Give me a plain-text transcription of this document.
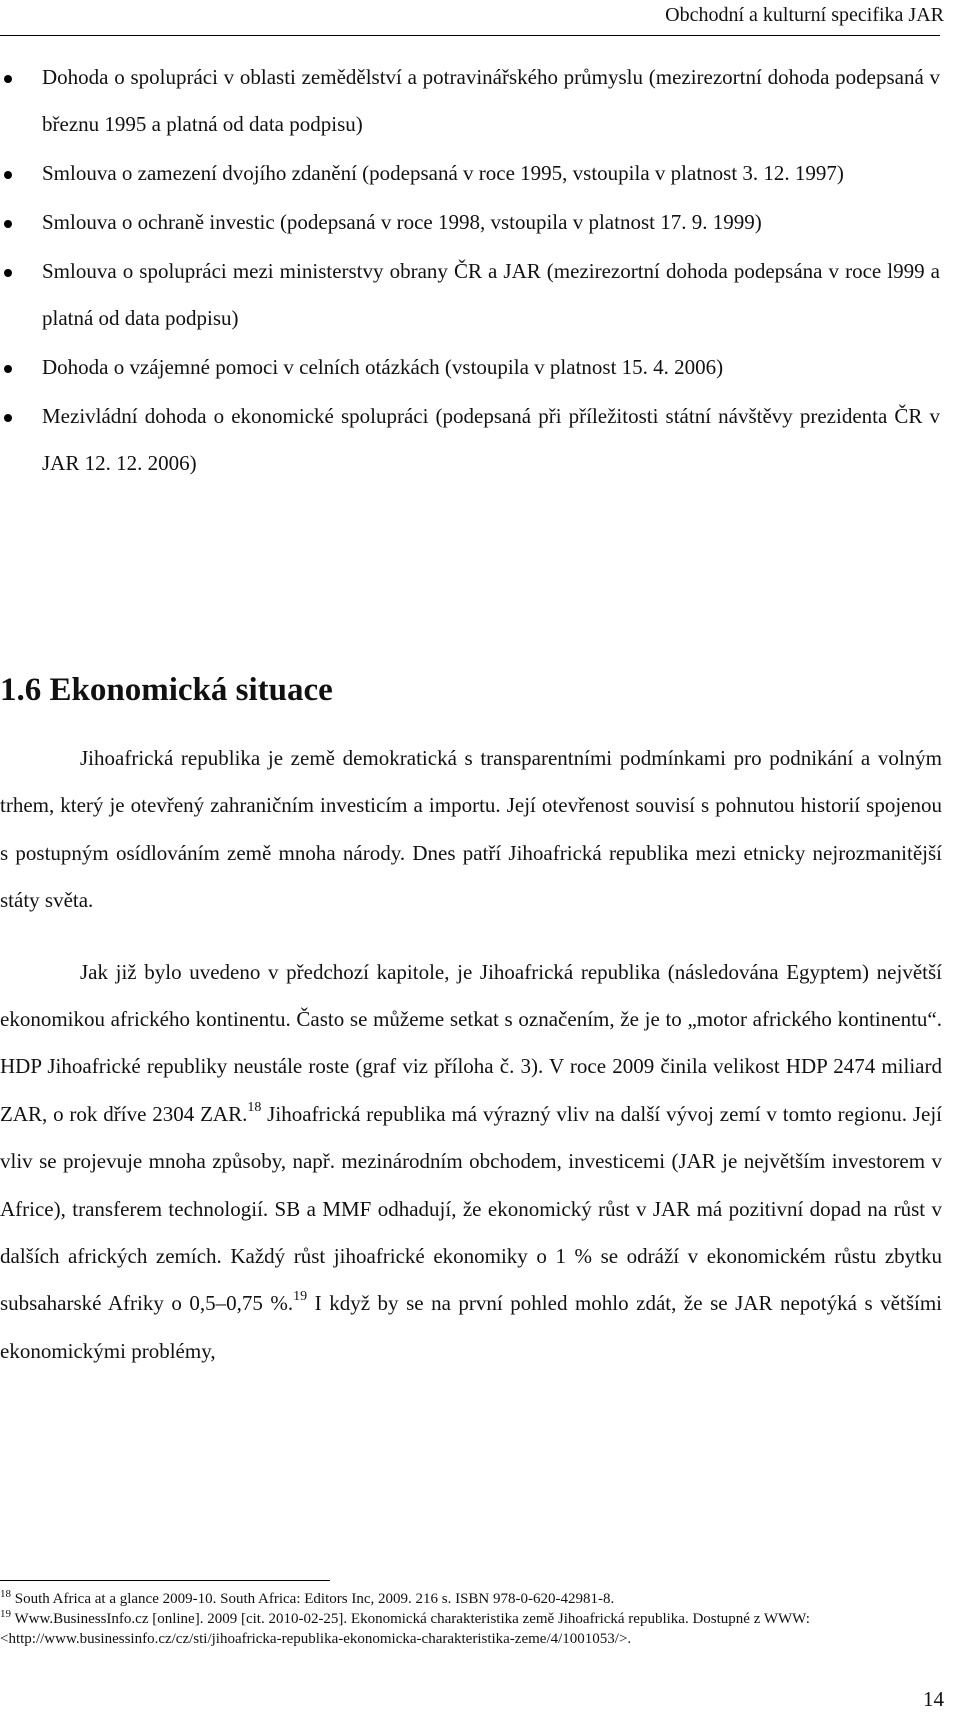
Obchodní a kulturní specifika JAR
Dohoda o spolupráci v oblasti zemědělství a potravinářského průmyslu (mezirezortní dohoda podepsaná v březnu 1995 a platná od data podpisu)
Smlouva o zamezení dvojího zdanění (podepsaná v roce 1995, vstoupila v platnost 3. 12. 1997)
Smlouva o ochraně investic (podepsaná v roce 1998, vstoupila v platnost 17. 9. 1999)
Smlouva o spolupráci mezi ministerstvy obrany ČR a JAR (mezirezortní dohoda podepsána v roce l999 a platná od data podpisu)
Dohoda o vzájemné pomoci v celních otázkách (vstoupila v platnost 15. 4. 2006)
Mezivládní dohoda o ekonomické spolupráci (podepsaná při příležitosti státní návštěvy prezidenta ČR v JAR 12. 12. 2006)
1.6 Ekonomická situace

Jihoafrická republika je země demokratická s transparentními podmínkami pro podnikání a volným trhem, který je otevřený zahraničním investicím a importu. Její otevřenost souvisí s pohnutou historií spojenou s postupným osídlováním země mnoha národy. Dnes patří Jihoafrická republika mezi etnicky nejrozmanitější státy světa.

Jak již bylo uvedeno v předchozí kapitole, je Jihoafrická republika (následována Egyptem) největší ekonomikou afrického kontinentu. Často se můžeme setkat s označením, že je to „motor afrického kontinentu“. HDP Jihoafrické republiky neustále roste (graf viz příloha č. 3). V roce 2009 činila velikost HDP 2474 miliard ZAR, o rok dříve 2304 ZAR.$^{18}$ Jihoafrická republika má výrazný vliv na další vývoj zemí v tomto regionu. Její vliv se projevuje mnoha způsoby, např. mezinárodním obchodem, investicemi (JAR je největším investorem v Africe), transferem technologií. SB a MMF odhadují, že ekonomický růst v JAR má pozitivní dopad na růst v dalších afrických zemích. Každý růst jihoafrické ekonomiky o 1 % se odráží v ekonomickém růstu zbytku subsaharské Afriky o 0,5–0,75 %.$^{19}$ I když by se na první pohled mohlo zdát, že se JAR nepotýká s většími ekonomickými problémy,

$^{18}$ South Africa at a glance 2009-10. South Africa: Editors Inc, 2009. 216 s. ISBN 978-0-620-42981-8.

$^{19}$ Www.BusinessInfo.cz [online]. 2009 [cit. 2010-02-25]. Ekonomická charakteristika země Jihoafrická republika. Dostupné z WWW: <http://www.businessinfo.cz/cz/sti/jihoafricka-republika-ekonomicka-charakteristika-zeme/4/1001053/>.

14
